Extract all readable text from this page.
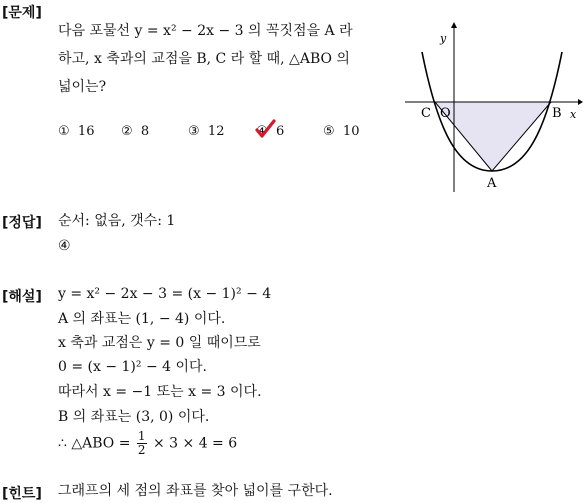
[문제]
[정답]
[해설]
[힌트]
다음 포물선 y = x² − 2x − 3 의 꼭짓점을 A 라
하고, x 축과의 교점을 B, C 라 할 때, △ABO 의
넓이는?
① 16 ② 8	③ 12 ④ 6	⑤ 10
y
x
C O	B
A
순서: 없음, 갯수: 1
④
y = x² − 2x − 3 = (x − 1)² − 4
A 의 좌표는 (1, − 4) 이다.
x 축과 교점은 y = 0 일 때이므로
0 = (x − 1)² − 4 이다.
따라서 x = −1 또는 x = 3 이다.
B 의 좌표는 (3, 0) 이다.
∴ △ABO = $\frac{1}{2} \times 3 \times 4 = 6$
그래프의 세 점의 좌표를 찾아 넓이를 구한다.
